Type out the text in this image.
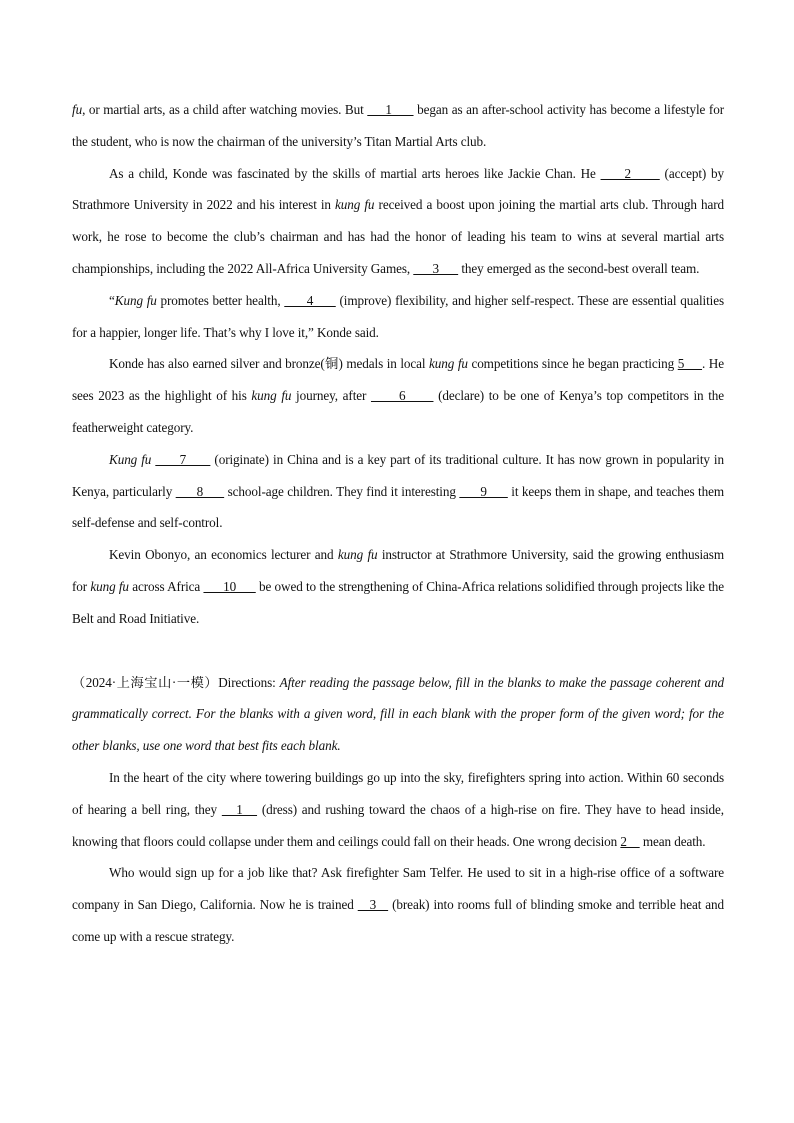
fu, or martial arts, as a child after watching movies. But      1       began as an after-school activity has become a lifestyle for the student, who is now the chairman of the university’s Titan Martial Arts club.

As a child, Konde was fascinated by the skills of martial arts heroes like Jackie Chan. He      2       (accept) by Strathmore University in 2022 and his interest in kung fu received a boost upon joining the martial arts club. Through hard work, he rose to become the club’s chairman and has had the honor of leading his team to wins at several martial arts championships, including the 2022 All-Africa University Games,       3       they emerged as the second-best overall team.

“Kung fu promotes better health,       4       (improve) flexibility, and higher self-respect. These are essential qualities for a happier, longer life. That’s why I love it,” Konde said.

Konde has also earned silver and bronze(铜) medals in local kung fu competitions since he began practicing 5     . He sees 2023 as the highlight of his kung fu journey, after       6       (declare) to be one of Kenya’s top competitors in the featherweight category.

Kung fu       7       (originate) in China and is a key part of its traditional culture. It has now grown in popularity in Kenya, particularly       8       school-age children. They find it interesting       9       it keeps them in shape, and teaches them self-defense and self-control.

Kevin Obonyo, an economics lecturer and kung fu instructor at Strathmore University, said the growing enthusiasm for kung fu across Africa       10       be owed to the strengthening of China-Africa relations solidified through projects like the Belt and Road Initiative.

（2024·上海宝山·一模）Directions: After reading the passage below, fill in the blanks to make the passage coherent and grammatically correct. For the blanks with a given word, fill in each blank with the proper form of the given word; for the other blanks, use one word that best fits each blank.

In the heart of the city where towering buildings go up into the sky, firefighters spring into action. Within 60 seconds of hearing a bell ring, they    1    (dress) and rushing toward the chaos of a high-rise on fire. They have to head inside, knowing that floors could collapse under them and ceilings could fall on their heads. One wrong decision 2     mean death.

Who would sign up for a job like that? Ask firefighter Sam Telfer. He used to sit in a high-rise office of a software company in San Diego, California. Now he is trained    3    (break) into rooms full of blinding smoke and terrible heat and come up with a rescue strategy.
